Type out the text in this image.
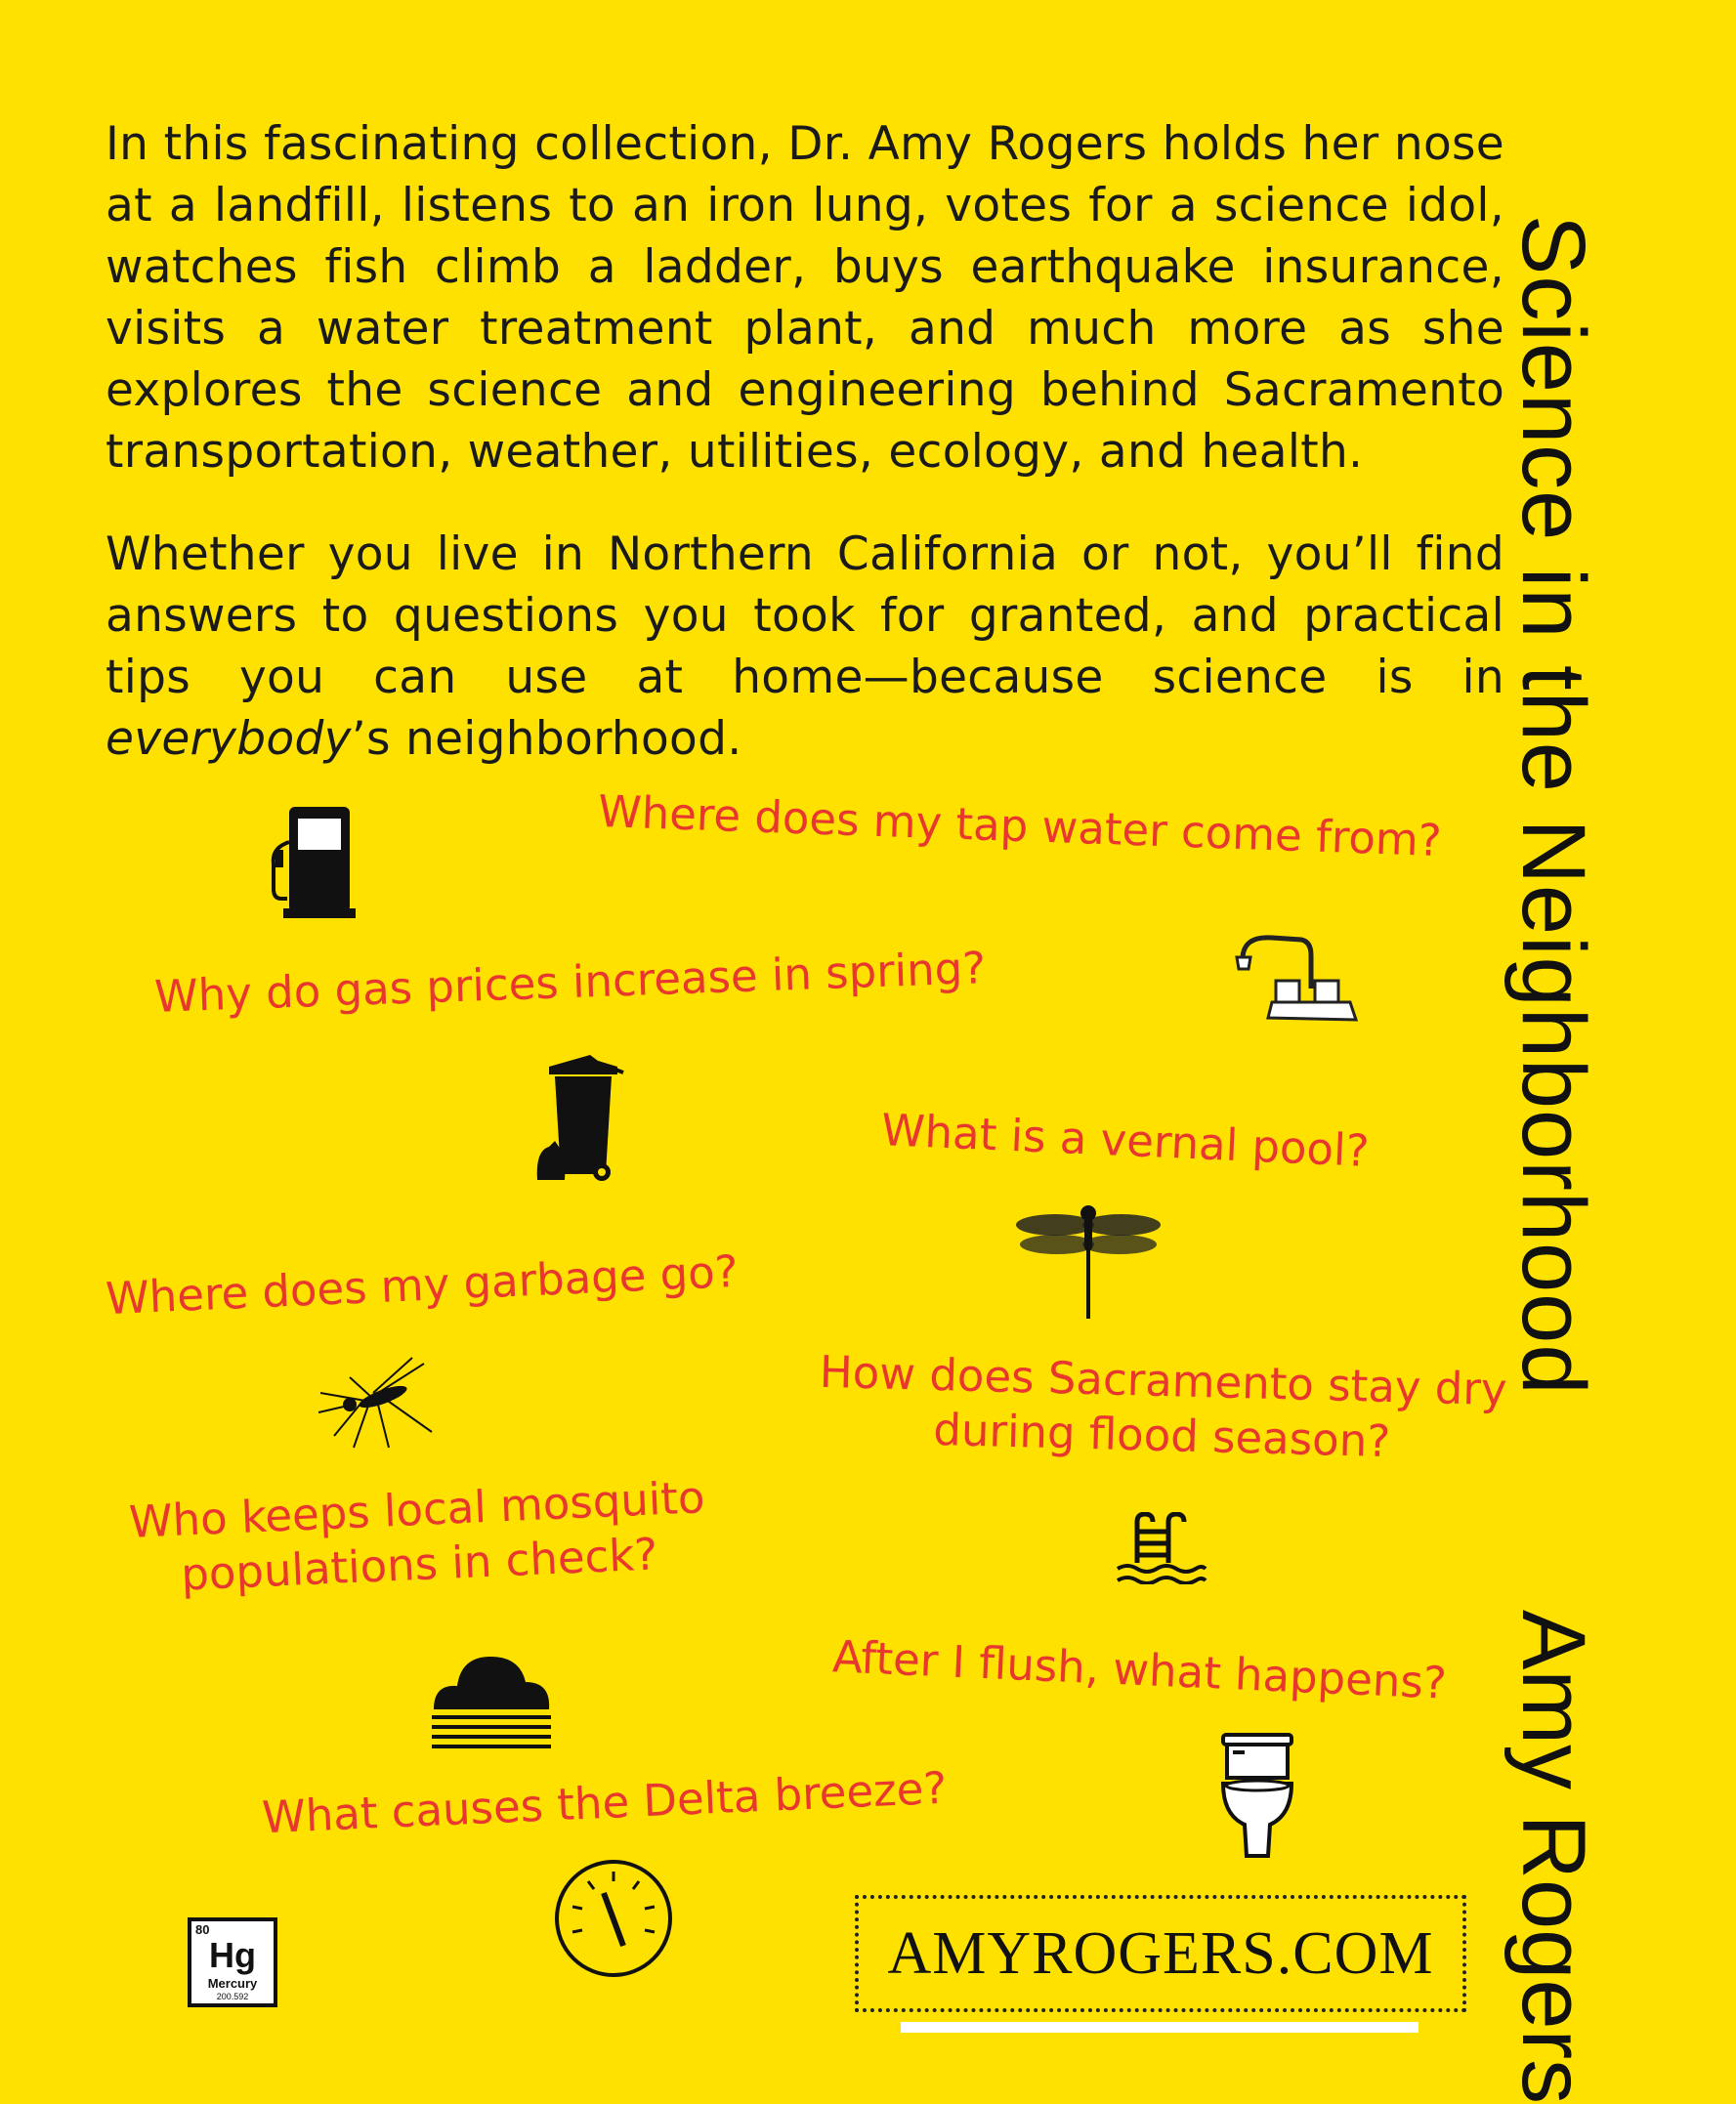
In this fascinating collection, Dr. Amy Rogers holds her nose at a landfill, listens to an iron lung, votes for a science idol, watches fish climb a ladder, buys earthquake insurance, visits a water treatment plant, and much more as she explores the science and engineering behind Sacramento transportation, weather, utilities, ecology, and health.

Whether you live in Northern California or not, you’ll find answers to questions you took for granted, and practical tips you can use at home—because science is in everybody’s neighborhood.

Where does my tap water come from?
Why do gas prices increase in spring?
What is a vernal pool?
Where does my garbage go?
How does Sacramento stay dry
during flood season?
Who keeps local mosquito
populations in check?
After I flush, what happens?
What causes the Delta breeze?
Science in the Neighborhood
Amy Rogers
80
Hg
Mercury
200.592
AMYROGERS.COM
